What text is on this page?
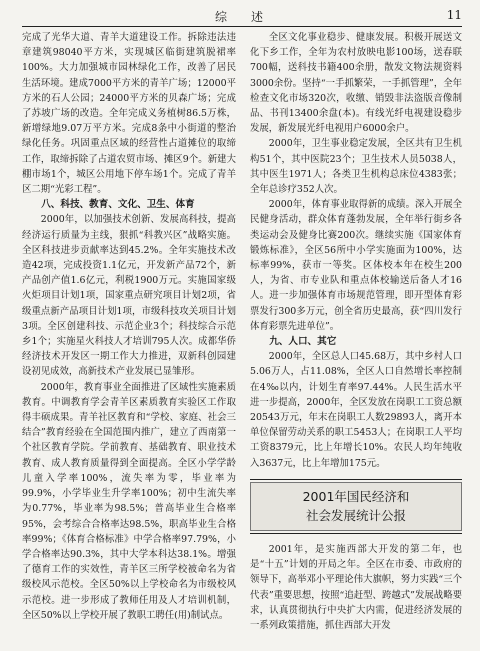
综　述	11

完成了光华大道、青羊大道建设工作。拆除违法违章建筑98040平方米，实现城区临街建筑脱裙率100%。大力加强城市园林绿化工作，改善了居民生活环境。建成7000平方米的青羊广场；12000平方米的石人公园；24000平方米的贝森广场；完成了苏坡广场的改造。全年完成义务植树86.5万株，新增绿地9.07万平方米。完成8条中小街道的整治绿化任务。巩固重点区域的经营性占道摊位的取缔工作，取缔拆除了占道农贸市场、摊区9个。新建大棚市场1个，城区公用地下停车场1个。完成了青羊区二期“光彩工程”。

八、科技、教育、文化、卫生、体育

2000年，以加强技术创新、发展高科技，提高经济运行质量为主线，狠抓“科教兴区”战略实施。全区科技进步贡献率达到45.2%。全年实施技术改造42项，完成投资1.1亿元，开发新产品72个，新产品创产值1.6亿元，利税1900万元。实施国家级火炬项目计划1项，国家重点研究项目计划2项，省级重点新产品项目计划1项，市级科技攻关项目计划3项。全区创建科技、示范企业3个；科技综合示范乡1个；实施星火科技人才培训795人次。成都华侨经济技术开发区一期工作大力推进，双新科创园建设初见成效，高新技术产业发展已显雏形。

2000年，教育事业全面推进了区域性实施素质教育。中调教育学会青羊区素质教育实验区工作取得丰硕成果。青羊社区教育和“学校、家庭、社会三结合”教育经验在全国范围内推广，建立了西南第一个社区教育学院。学前教育、基础教育、职业技术教育、成人教育质量得到全面提高。全区小学学龄儿童入学率100%，流失率为零，毕业率为99.9%，小学毕业生升学率100%；初中生流失率为0.77%，毕业率为98.5%；普高毕业生合格率95%，会考综合合格率达98.5%，职高毕业生合格率99%；《体育合格标准》中学合格率97.79%，小学合格率达90.3%，其中大学本科达38.1%。增强了德育工作的实效性，青羊区三所学校被命名为省级校风示范校。全区50%以上学校命名为市级校风示范校。进一步形成了教师任用及人才培训机制，全区50%以上学校开展了教职工聘任(用)制试点。

全区文化事业稳步、健康发展。积极开展送文化下乡工作，全年为农村放映电影100场，送春联700幅，送科技书籍400余册，散发文物法规资料3000余份。坚持“一手抓繁荣，一手抓管理”，全年检查文化市场320次，收缴、销毁非法盗版音像制品、书刊13400余盘(本)。有线光纤电视建设稳步发展，新发展光纤电视用户6000余户。

2000年，卫生事业稳定发展，全区共有卫生机构51个，其中医院23个；卫生技术人员5038人，其中医生1971人；各类卫生机构总床位4383张；全年总诊疗352人次。

2000年，体育事业取得新的成绩。深入开展全民健身活动，群众体育蓬勃发展，全年举行街乡各类运动会及健身比赛200次。继续实施《国家体育锻炼标准》，全区56所中小学实施面为100%，达标率99%，获市一等奖。区体校本年在校生200人，为省、市专业队和重点体校输送后备人才16人。进一步加强体育市场规范管理，即开型体育彩票发行300多万元，创全省历史最高，获“四川发行体育彩票先进单位”。

九、人口、其它

2000年，全区总人口45.68万，其中乡村人口5.06万人，占11.08%，全区人口自然增长率控制在4‰以内，计划生育率97.44%。人民生活水平进一步提高，2000年，全区发放在岗职工工资总额20543万元，年末在岗职工人数29893人，离开本单位保留劳动关系的职工5453人；在岗职工人平均工资8379元，比上年增长10%。农民人均年纯收入3637元，比上年增加175元。

2001年国民经济和
社会发展统计公报

2001年，是实施西部大开发的第二年，也是“十五”计划的开局之年。全区在市委、市政府的领导下，高举邓小平理论伟大旗帜，努力实践“三个代表”重要思想，按照“追赶型、跨越式”发展战略要求，认真贯彻执行中央扩大内需，促进经济发展的一系列政策措施，抓住西部大开发
